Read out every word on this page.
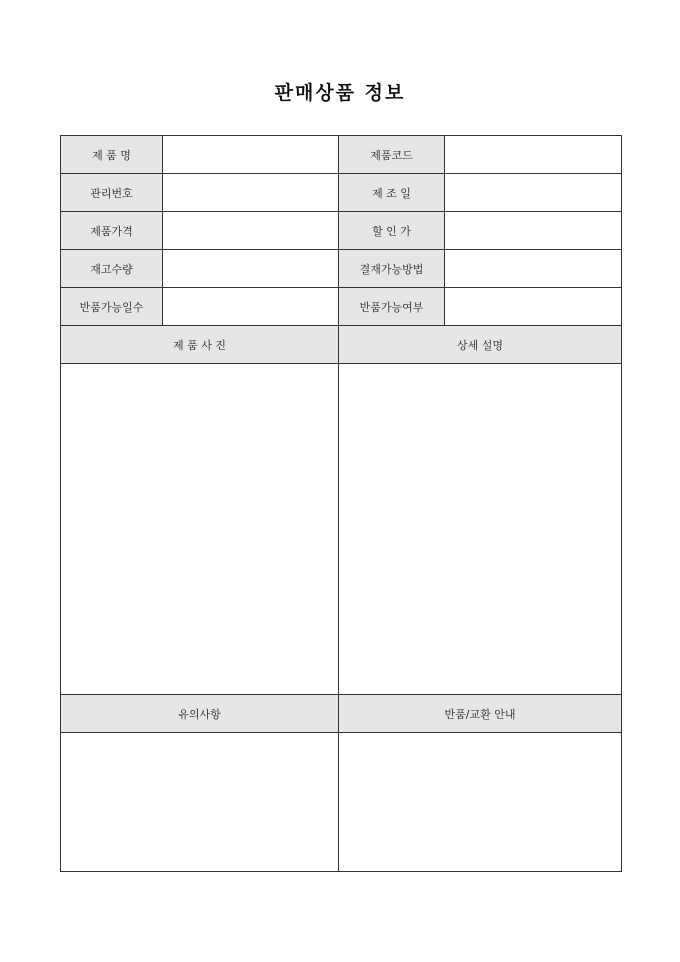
판매상품 정보
제 품 명		제품코드	
관리번호		제 조 일	
제품가격		할 인 가	
재고수량		결재가능방법	
반품가능일수		반품가능여부	
제 품 사 진		상세 설명	

유의사항		반품/교환 안내	
